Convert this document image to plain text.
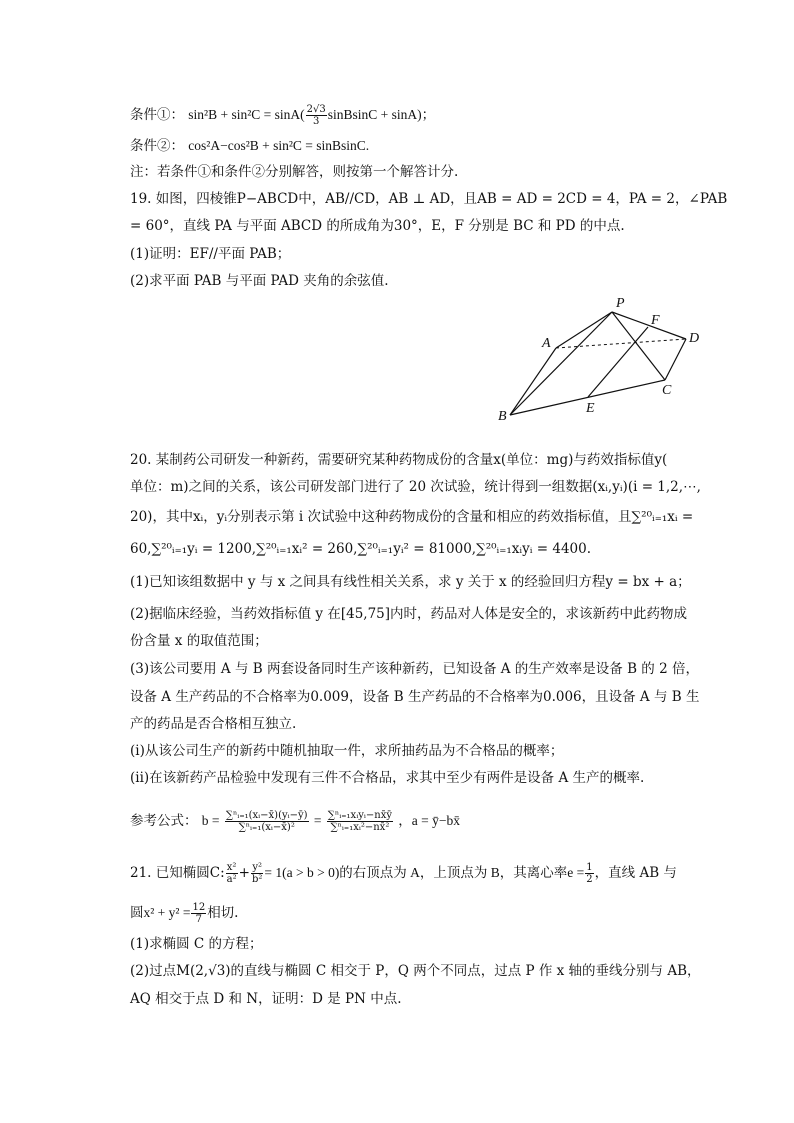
条件①： $\sin^2B + \sin^2C = \sin A( \frac{2√3}{3}$ sinBsinC + sinA)；
条件②： cos²A−cos²B + sin²C = sinBsinC.
注：若条件①和条件②分别解答，则按第一个解答计分.
19. 如图，四棱锥P−ABCD中，AB//CD，AB ⊥ AD，且AB = AD = 2CD = 4，PA = 2，∠PAB
= 60°，直线 PA 与平面 ABCD 的所成角为30°，E，F 分别是 BC 和 PD 的中点.
(1)证明：EF//平面 PAB；
(2)求平面 PAB 与平面 PAD 夹角的余弦值.
P
F
A	D
C
E
B
20. 某制药公司研发一种新药，需要研究某种药物成份的含量x(单位：mg)与药效指标值y(
单位：m)之间的关系，该公司研发部门进行了 20 次试验，统计得到一组数据(xᵢ,yᵢ)(i = 1,2,⋯,
20)，其中xᵢ，yᵢ分别表示第 i 次试验中这种药物成份的含量和相应的药效指标值，且∑²⁰ᵢ₌₁xᵢ =
60,∑²⁰ᵢ₌₁yᵢ = 1200,∑²⁰ᵢ₌₁xᵢ² = 260,∑²⁰ᵢ₌₁yᵢ² = 81000,∑²⁰ᵢ₌₁xᵢyᵢ = 4400.
(1)已知该组数据中 y 与 x 之间具有线性相关关系，求 y 关于 x 的经验回归方程y = bx + a；
(2)据临床经验，当药效指标值 y 在[45,75]内时，药品对人体是安全的，求该新药中此药物成
份含量 x 的取值范围；
(3)该公司要用 A 与 B 两套设备同时生产该种新药，已知设备 A 的生产效率是设备 B 的 2 倍，
设备 A 生产药品的不合格率为0.009，设备 B 生产药品的不合格率为0.006，且设备 A 与 B 生
产的药品是否合格相互独立.
(i)从该公司生产的新药中随机抽取一件，求所抽药品为不合格品的概率；
(ii)在该新药产品检验中发现有三件不合格品，求其中至少有两件是设备 A 生产的概率.
参考公式： $b = \frac{\text{∑ⁿᵢ₌₁(xᵢ−x̄)(yᵢ−ȳ)}}{\text{∑ⁿᵢ₌₁(xᵢ−x̄)²}} = \frac{\text{∑ⁿᵢ₌₁xᵢyᵢ−nx̄ȳ}}{\text{∑ⁿᵢ₌₁xᵢ²−nx̄²}}$ ，a = ȳ−bx̄
21. 已知椭圆C: $\frac{\text{x²}}{\text{a²}} + \frac{\text{y²}}{\text{b²}} = 1(a > b > 0)$的右顶点为 A，上顶点为 B，其离心率$e = \frac{1}{2}$ ，直线 AB 与
圆$x^2 + y^2 = \frac{12}{7}$ 相切.
(1)求椭圆 C 的方程；
(2)过点M(2,√3)的直线与椭圆 C 相交于 P，Q 两个不同点，过点 P 作 x 轴的垂线分别与 AB，
AQ 相交于点 D 和 N，证明：D 是 PN 中点.
